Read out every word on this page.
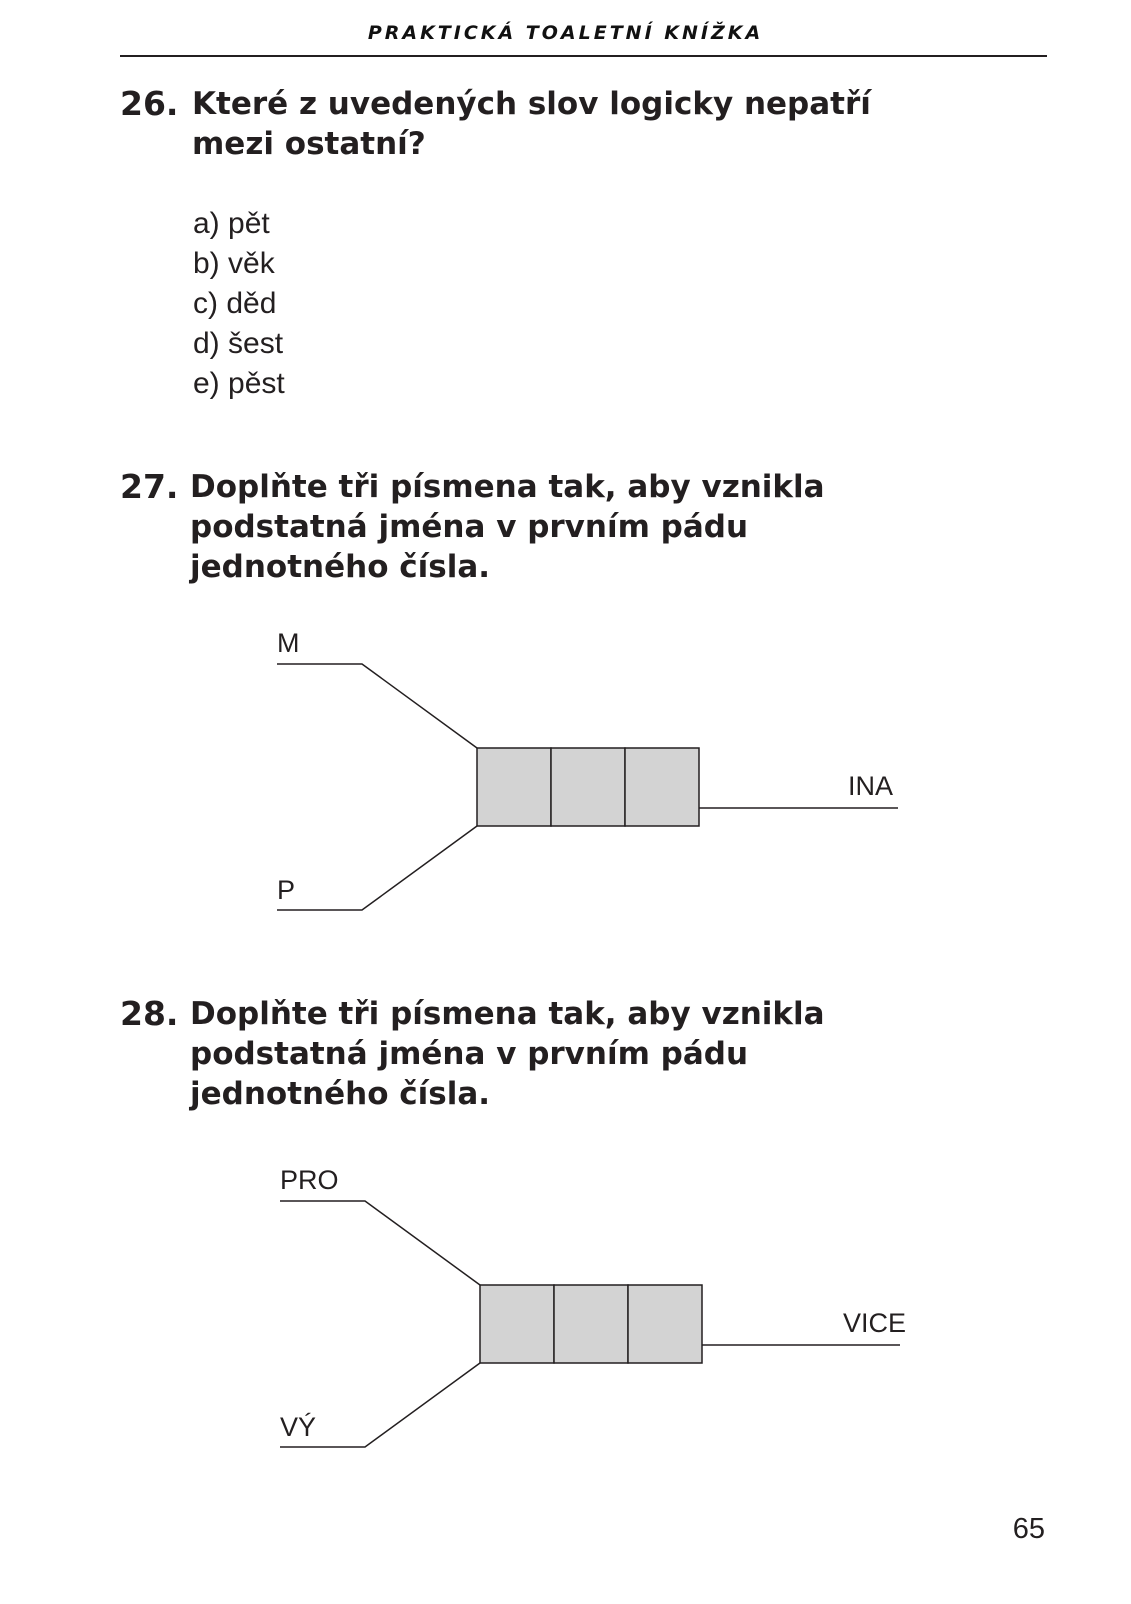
PRAKTICKÁ TOALETNÍ KNÍŽKA
26. Které z uvedených slov logicky nepatří
mezi ostatní?
a) pět
b) věk
c) děd
d) šest
e) pěst
27. Doplňte tři písmena tak, aby vznikla
podstatná jména v prvním pádu
jednotného čísla.
M
P
INA
28. Doplňte tři písmena tak, aby vznikla
podstatná jména v prvním pádu
jednotného čísla.
PRO
VÝ
VICE
65
